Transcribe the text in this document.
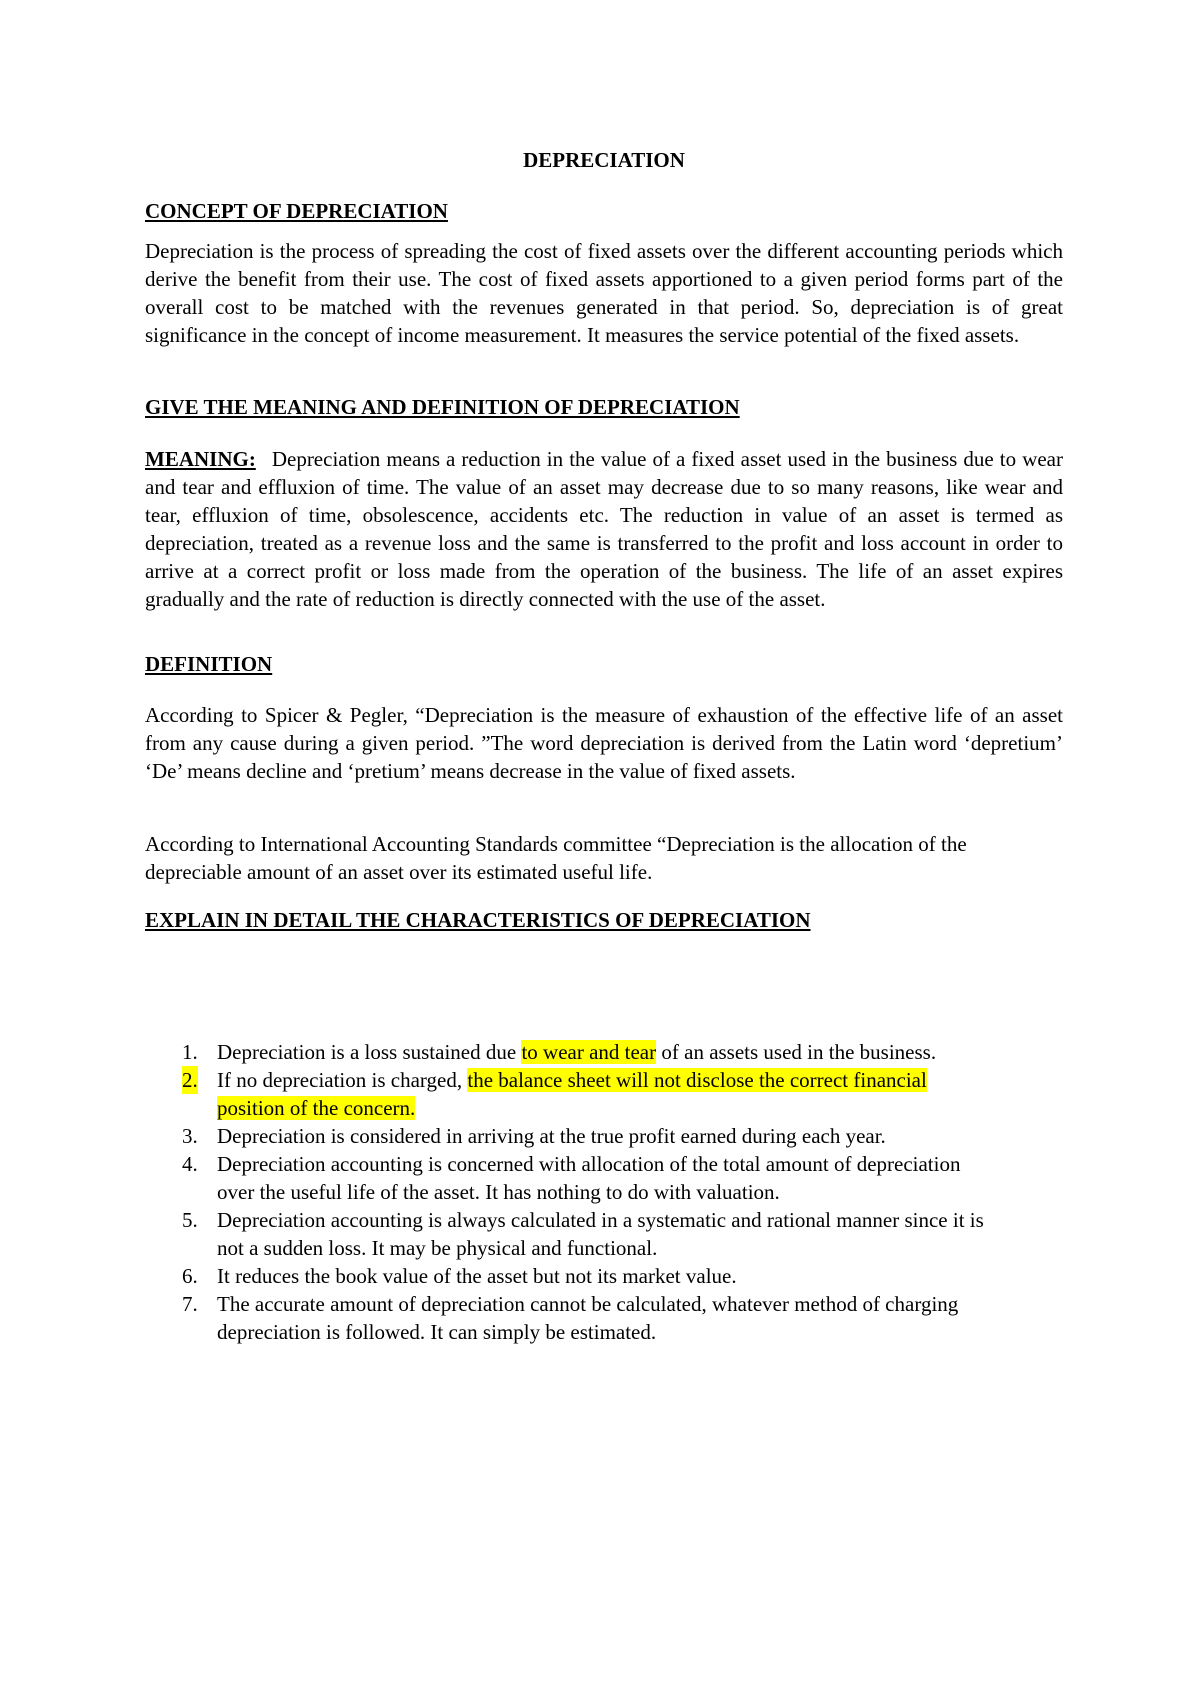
DEPRECIATION
CONCEPT OF DEPRECIATION
Depreciation is the process of spreading the cost of fixed assets over the different accounting periods which derive the benefit from their use. The cost of fixed assets apportioned to a given period forms part of the overall cost to be matched with the revenues generated in that period. So, depreciation is of great significance in the concept of income measurement. It measures the service potential of the fixed assets.
GIVE THE MEANING AND DEFINITION OF DEPRECIATION
MEANING: Depreciation means a reduction in the value of a fixed asset used in the business due to wear and tear and effluxion of time. The value of an asset may decrease due to so many reasons, like wear and tear, effluxion of time, obsolescence, accidents etc. The reduction in value of an asset is termed as depreciation, treated as a revenue loss and the same is transferred to the profit and loss account in order to arrive at a correct profit or loss made from the operation of the business. The life of an asset expires gradually and the rate of reduction is directly connected with the use of the asset.
DEFINITION
According to Spicer & Pegler, “Depreciation is the measure of exhaustion of the effective life of an asset from any cause during a given period. ”The word depreciation is derived from the Latin word ‘depretium’ ‘De’ means decline and ‘pretium’ means decrease in the value of fixed assets.
According to International Accounting Standards committee “Depreciation is the allocation of the depreciable amount of an asset over its estimated useful life.
EXPLAIN IN DETAIL THE CHARACTERISTICS OF DEPRECIATION
1. Depreciation is a loss sustained due to wear and tear of an assets used in the business.
2. If no depreciation is charged, the balance sheet will not disclose the correct financial position of the concern.
3. Depreciation is considered in arriving at the true profit earned during each year.
4. Depreciation accounting is concerned with allocation of the total amount of depreciation over the useful life of the asset. It has nothing to do with valuation.
5. Depreciation accounting is always calculated in a systematic and rational manner since it is not a sudden loss. It may be physical and functional.
6. It reduces the book value of the asset but not its market value.
7. The accurate amount of depreciation cannot be calculated, whatever method of charging depreciation is followed. It can simply be estimated.
